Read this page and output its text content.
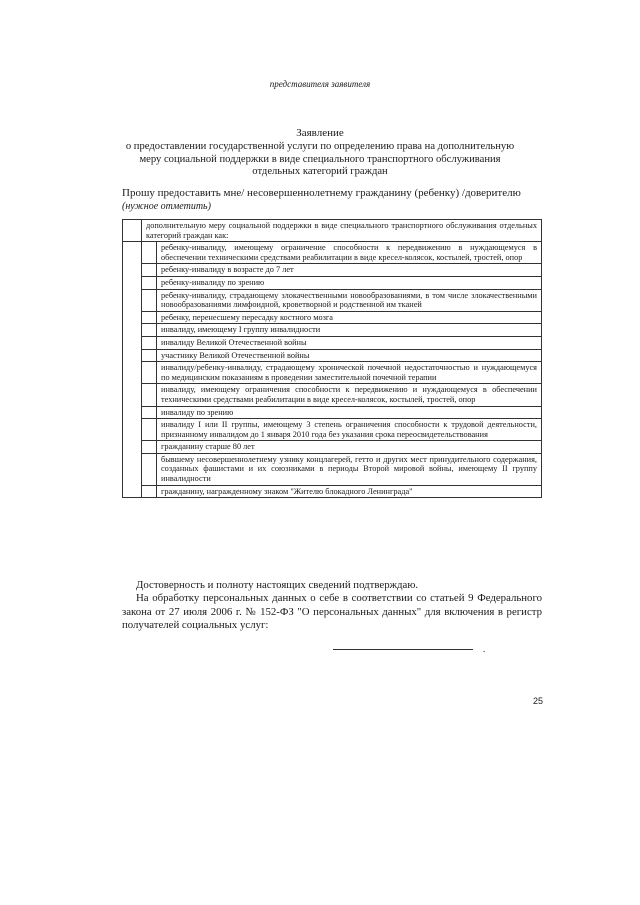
представителя заявителя
Заявление
о предоставлении государственной услуги по определению права на дополнительную меру социальной поддержки в виде специального транспортного обслуживания отдельных категорий граждан
Прошу предоставить мне/ несовершеннолетнему гражданину (ребенку) /доверителю
(нужное отметить)
	дополнительную меру социальной поддержки в виде специального транспортного обслуживания отдельных категорий граждан как:	
		ребенку-инвалиду, имеющему ограничение способности к передвижению в нуждающемуся в обеспечении техническими средствами реабилитации в виде кресел-колясок, костылей, тростей, опор
		ребенку-инвалиду в возрасте до 7 лет
		ребенку-инвалиду по зрению
		ребенку-инвалиду, страдающему злокачественными новообразованиями, в том числе злокачественными новообразованиями лимфоидной, кроветворной и родственной им тканей
		ребенку, перенесшему пересадку костного мозга
		инвалиду, имеющему I группу инвалидности
		инвалиду Великой Отечественной войны
		участнику Великой Отечественной войны
		инвалиду/ребенку-инвалиду, страдающему хронической почечной недостаточностью и нуждающемуся по медицинским показаниям в проведении заместительной почечной терапии
		инвалиду, имеющему ограничения способности к передвижению и нуждающемуся в обеспечении техническими средствами реабилитации в виде кресел-колясок, костылей, тростей, опор
		инвалиду по зрению
		инвалиду I или II группы, имеющему 3 степень ограничения способности к трудовой деятельности, признанному инвалидом до 1 января 2010 года без указания срока переосвидетельствования
		гражданину старше 80 лет
		бывшему несовершеннолетнему узнику концлагерей, гетто и других мест принудительного содержания, созданных фашистами и их союзниками в периоды Второй мировой войны, имеющему II группу инвалидности
		гражданину, награжденному знаком "Жителю блокадного Ленинграда"

Достоверность и полноту настоящих сведений подтверждаю.

На обработку персональных данных о себе в соответствии со статьей 9 Федерального закона от 27 июля 2006 г. № 152-ФЗ "О персональных данных" для включения в регистр получателей социальных услуг:

.
25
